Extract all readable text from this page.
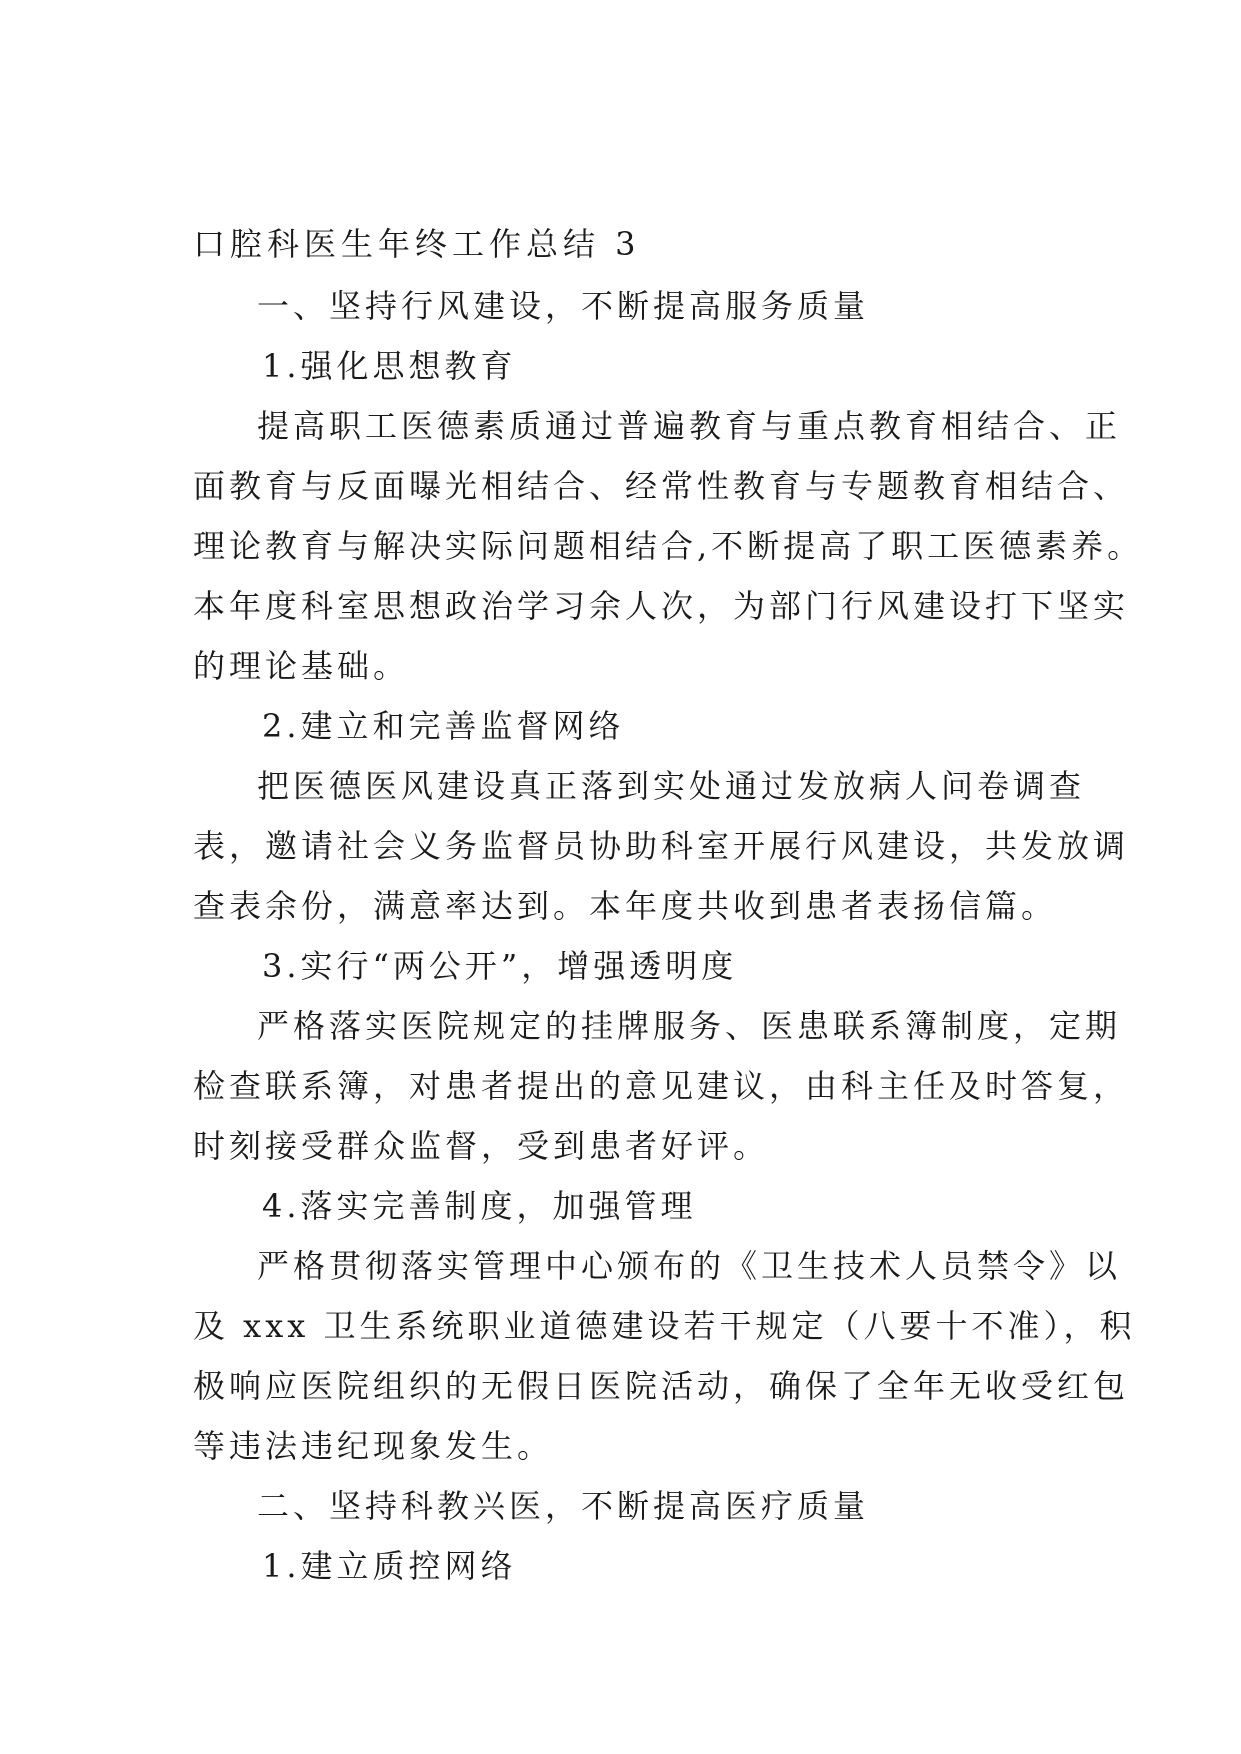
口腔科医生年终工作总结 3
一、坚持行风建设，不断提高服务质量
1.强化思想教育
提高职工医德素质通过普遍教育与重点教育相结合、正
面教育与反面曝光相结合、经常性教育与专题教育相结合、
理论教育与解决实际问题相结合,不断提高了职工医德素养。
本年度科室思想政治学习余人次，为部门行风建设打下坚实
的理论基础。
2.建立和完善监督网络
把医德医风建设真正落到实处通过发放病人问卷调查
表，邀请社会义务监督员协助科室开展行风建设，共发放调
查表余份，满意率达到。本年度共收到患者表扬信篇。
3.实行“两公开”，增强透明度
严格落实医院规定的挂牌服务、医患联系簿制度，定期
检查联系簿，对患者提出的意见建议，由科主任及时答复，
时刻接受群众监督，受到患者好评。
4.落实完善制度，加强管理
严格贯彻落实管理中心颁布的《卫生技术人员禁令》以
及 xxx 卫生系统职业道德建设若干规定（八要十不准），积
极响应医院组织的无假日医院活动，确保了全年无收受红包
等违法违纪现象发生。
二、坚持科教兴医，不断提高医疗质量
1.建立质控网络
